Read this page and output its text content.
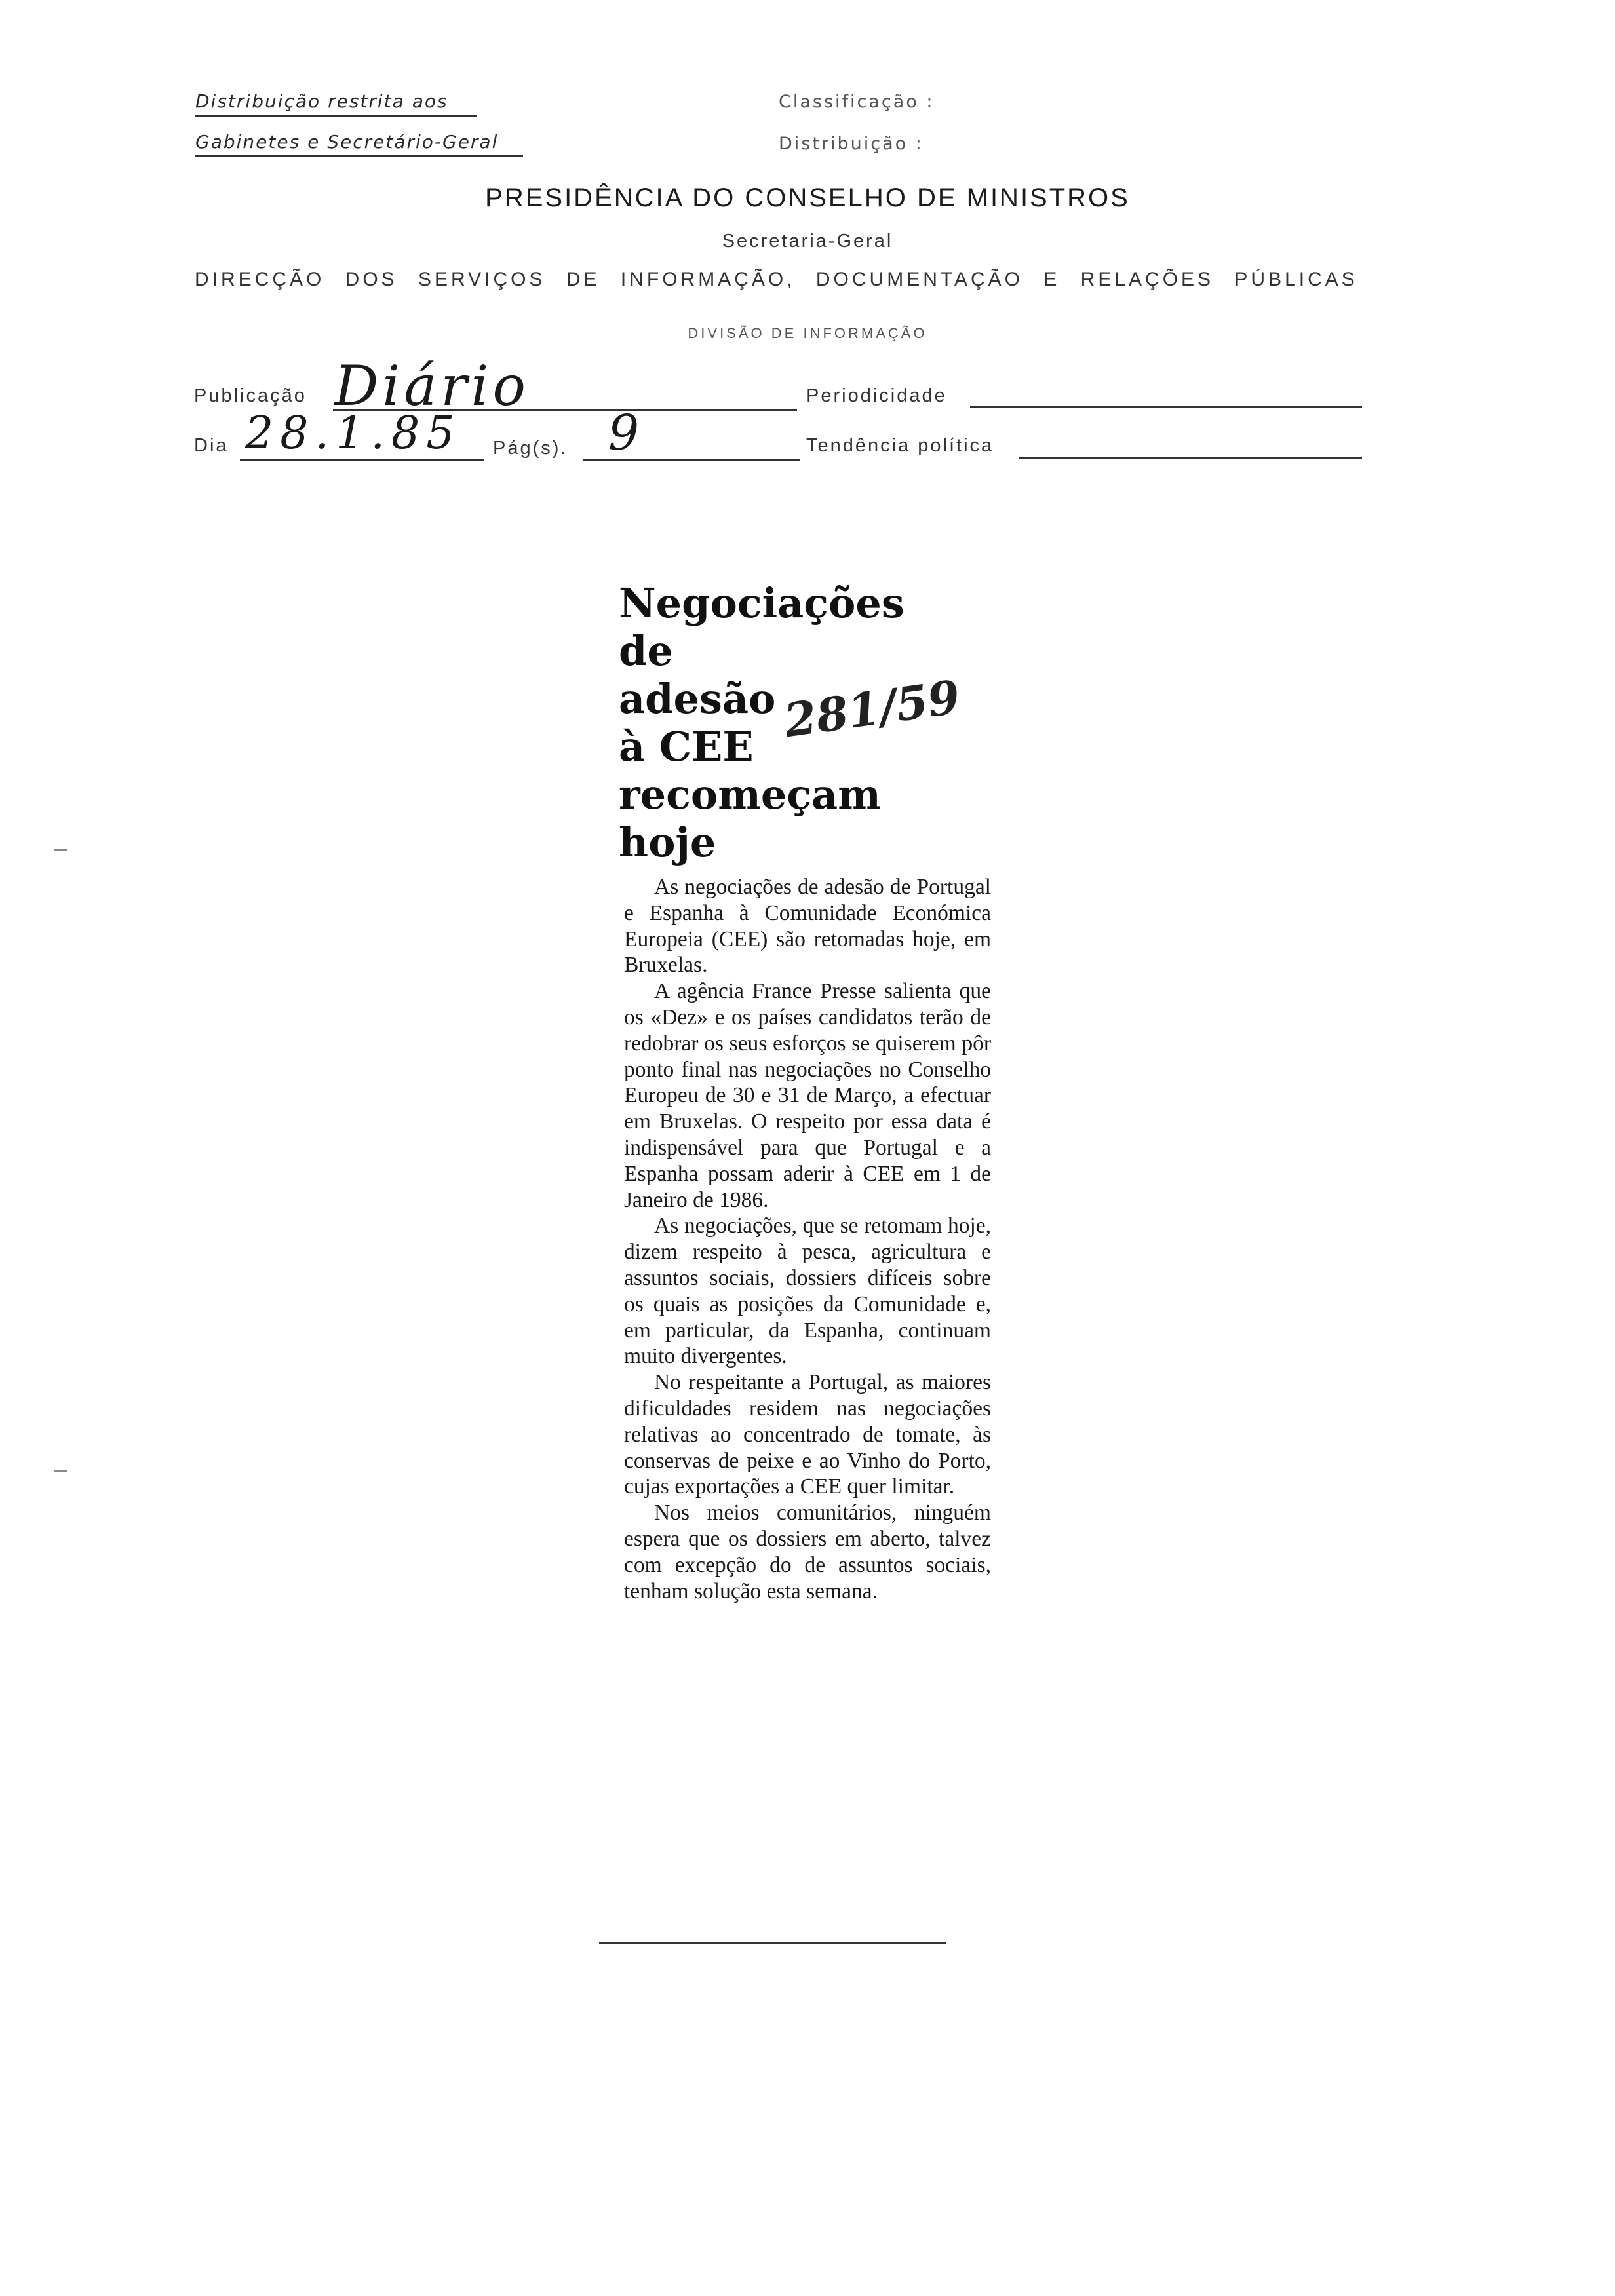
Distribuição restrita aos
Gabinetes e Secretário-Geral
Classificação :
Distribuição :
PRESIDÊNCIA DO CONSELHO DE MINISTROS
Secretaria-Geral
DIRECÇÃO DOS SERVIÇOS DE INFORMAÇÃO, DOCUMENTAÇÃO E RELAÇÕES PÚBLICAS
DIVISÃO DE INFORMAÇÃO
Publicação Diário	Periodicidade
Dia 28.1.85 Pág(s). 9	Tendência política
Negociações
de
adesão
à CEE
recomeçam
hoje
281/59

As negociações de adesão de Portugal e Espanha à Comunidade Económica Europeia (CEE) são retomadas hoje, em Bruxelas.

A agência France Presse salienta que os «Dez» e os países candidatos terão de redobrar os seus esforços se quiserem pôr ponto final nas negociações no Conselho Europeu de 30 e 31 de Março, a efectuar em Bruxelas. O respeito por essa data é indispensável para que Portugal e a Espanha possam aderir à CEE em 1 de Janeiro de 1986.

As negociações, que se retomam hoje, dizem respeito à pesca, agricultura e assuntos sociais, dossiers difíceis sobre os quais as posições da Comunidade e, em particular, da Espanha, continuam muito divergentes.

No respeitante a Portugal, as maiores dificuldades residem nas negociações relativas ao concentrado de tomate, às conservas de peixe e ao Vinho do Porto, cujas exportações a CEE quer limitar.

Nos meios comunitários, ninguém espera que os dossiers em aberto, talvez com excepção do de assuntos sociais, tenham solução esta semana.
